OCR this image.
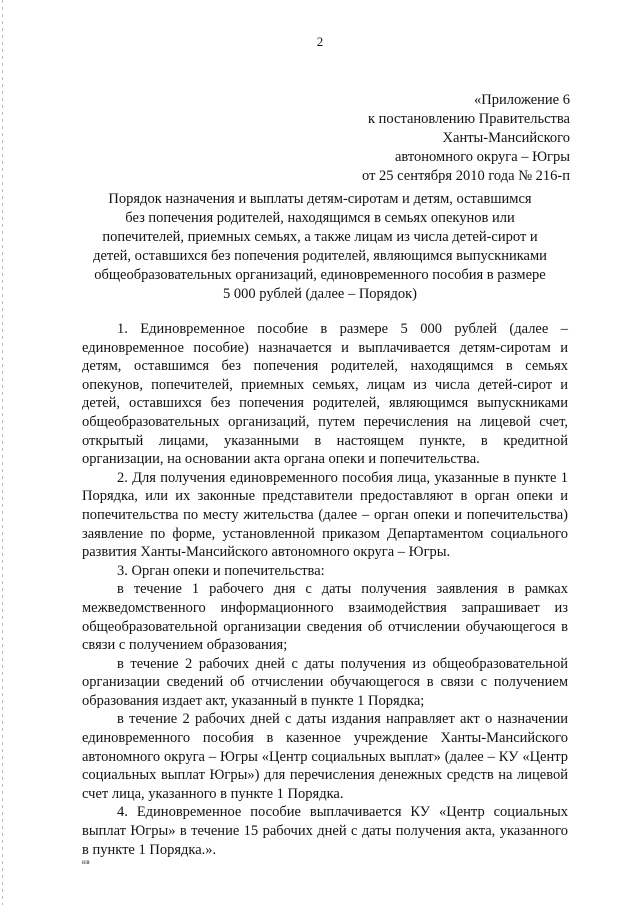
2
«Приложение 6
к постановлению Правительства
Ханты-Мансийского
автономного округа – Югры
от 25 сентября 2010 года № 216-п
Порядок назначения и выплаты детям-сиротам и детям, оставшимся
без попечения родителей, находящимся в семьях опекунов или
попечителей, приемных семьях, а также лицам из числа детей-сирот и
детей, оставшихся без попечения родителей, являющимся выпускниками
общеобразовательных организаций, единовременного пособия в размере
5 000 рублей (далее – Порядок)

1. Единовременное пособие в размере 5 000 рублей (далее – единовременное пособие) назначается и выплачивается детям-сиротам и детям, оставшимся без попечения родителей, находящимся в семьях опекунов, попечителей, приемных семьях, лицам из числа детей-сирот и детей, оставшихся без попечения родителей, являющимся выпускниками общеобразовательных организаций, путем перечисления на лицевой счет, открытый лицами, указанными в настоящем пункте, в кредитной организации, на основании акта органа опеки и попечительства.

2. Для получения единовременного пособия лица, указанные в пункте 1 Порядка, или их законные представители предоставляют в орган опеки и попечительства по месту жительства (далее – орган опеки и попечительства) заявление по форме, установленной приказом Департаментом социального развития Ханты-Мансийского автономного округа – Югры.

3. Орган опеки и попечительства:

в течение 1 рабочего дня с даты получения заявления в рамках межведомственного информационного взаимодействия запрашивает из общеобразовательной организации сведения об отчислении обучающегося в связи с получением образования;

в течение 2 рабочих дней с даты получения из общеобразовательной организации сведений об отчислении обучающегося в связи с получением образования издает акт, указанный в пункте 1 Порядка;

в течение 2 рабочих дней с даты издания направляет акт о назначении единовременного пособия в казенное учреждение Ханты-Мансийского автономного округа – Югры «Центр социальных выплат» (далее – КУ «Центр социальных выплат Югры») для перечисления денежных средств на лицевой счет лица, указанного в пункте 1 Порядка.

4. Единовременное пособие выплачивается КУ «Центр социальных выплат Югры» в течение 15 рабочих дней с даты получения акта, указанного в пункте 1 Порядка.».

нв
